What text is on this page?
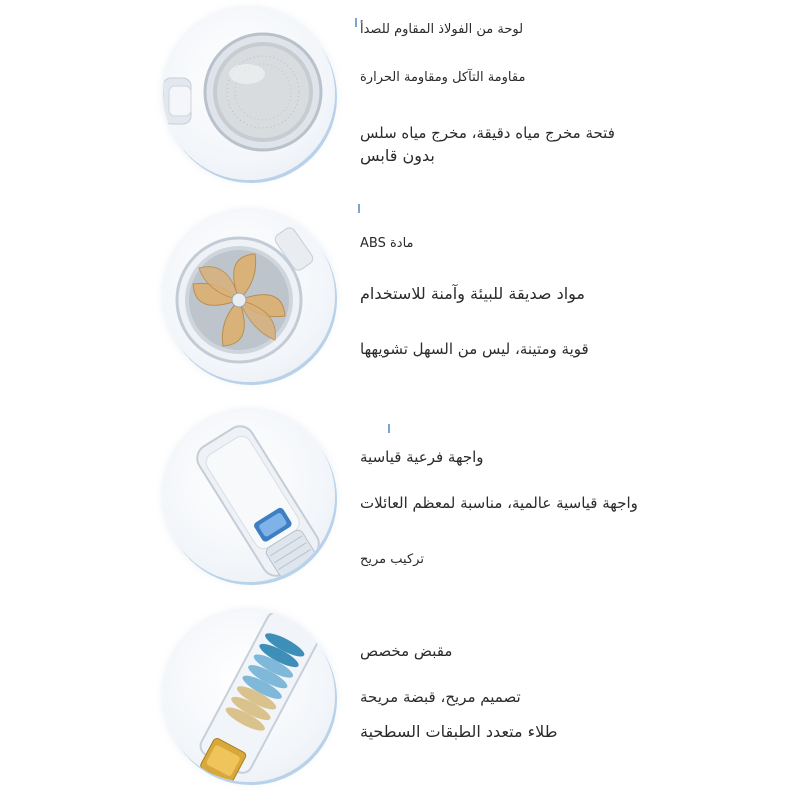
لوحة من الفولاذ المقاوم للصدأ
مقاومة التآكل ومقاومة الحرارة
فتحة مخرج مياه دقيقة، مخرج مياه سلس
بدون قابس
مادة ABS
مواد صديقة للبيئة وآمنة للاستخدام
قوية ومتينة، ليس من السهل تشويهها
واجهة فرعية قياسية
واجهة قياسية عالمية، مناسبة لمعظم العائلات
تركيب مريح
مقبض مخصص
تصميم مريح، قبضة مريحة
طلاء متعدد الطبقات السطحية
